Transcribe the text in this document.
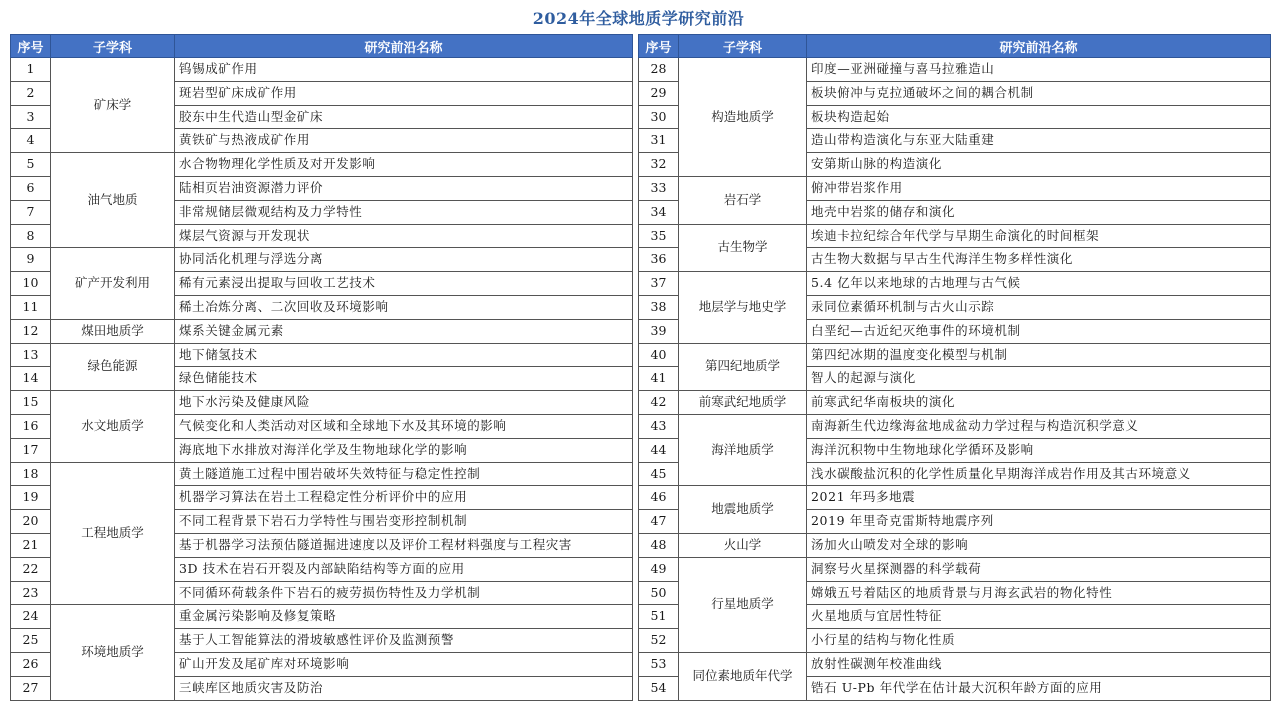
2024年全球地质学研究前沿
序号	子学科	研究前沿名称
1	矿床学	钨锡成矿作用
2		斑岩型矿床成矿作用
3		胶东中生代造山型金矿床
4		黄铁矿与热液成矿作用
5	油气地质	水合物物理化学性质及对开发影响
6		陆相页岩油资源潜力评价
7		非常规储层微观结构及力学特性
8		煤层气资源与开发现状
9	矿产开发利用	协同活化机理与浮选分离
10		稀有元素浸出提取与回收工艺技术
11		稀土冶炼分离、二次回收及环境影响
12	煤田地质学	煤系关键金属元素
13	绿色能源	地下储氢技术
14		绿色储能技术
15	水文地质学	地下水污染及健康风险
16		气候变化和人类活动对区域和全球地下水及其环境的影响
17		海底地下水排放对海洋化学及生物地球化学的影响
18	工程地质学	黄土隧道施工过程中围岩破坏失效特征与稳定性控制
19		机器学习算法在岩土工程稳定性分析评价中的应用
20		不同工程背景下岩石力学特性与围岩变形控制机制
21		基于机器学习法预估隧道掘进速度以及评价工程材料强度与工程灾害
22		3D 技术在岩石开裂及内部缺陷结构等方面的应用
23		不同循环荷载条件下岩石的疲劳损伤特性及力学机制
24	环境地质学	重金属污染影响及修复策略
25		基于人工智能算法的滑坡敏感性评价及监测预警
26		矿山开发及尾矿库对环境影响
27		三峡库区地质灾害及防治
序号	子学科	研究前沿名称
28	构造地质学	印度—亚洲碰撞与喜马拉雅造山
29		板块俯冲与克拉通破坏之间的耦合机制
30		板块构造起始
31		造山带构造演化与东亚大陆重建
32		安第斯山脉的构造演化
33	岩石学	俯冲带岩浆作用
34		地壳中岩浆的储存和演化
35	古生物学	埃迪卡拉纪综合年代学与早期生命演化的时间框架
36		古生物大数据与早古生代海洋生物多样性演化
37	地层学与地史学	5.4 亿年以来地球的古地理与古气候
38		汞同位素循环机制与古火山示踪
39		白垩纪—古近纪灭绝事件的环境机制
40	第四纪地质学	第四纪冰期的温度变化模型与机制
41		智人的起源与演化
42	前寒武纪地质学	前寒武纪华南板块的演化
43	海洋地质学	南海新生代边缘海盆地成盆动力学过程与构造沉积学意义
44		海洋沉积物中生物地球化学循环及影响
45		浅水碳酸盐沉积的化学性质量化早期海洋成岩作用及其古环境意义
46	地震地质学	2021 年玛多地震
47		2019 年里奇克雷斯特地震序列
48	火山学	汤加火山喷发对全球的影响
49	行星地质学	洞察号火星探测器的科学载荷
50		嫦娥五号着陆区的地质背景与月海玄武岩的物化特性
51		火星地质与宜居性特征
52		小行星的结构与物化性质
53	同位素地质年代学	放射性碳测年校准曲线
54		锆石 U-Pb 年代学在估计最大沉积年龄方面的应用
